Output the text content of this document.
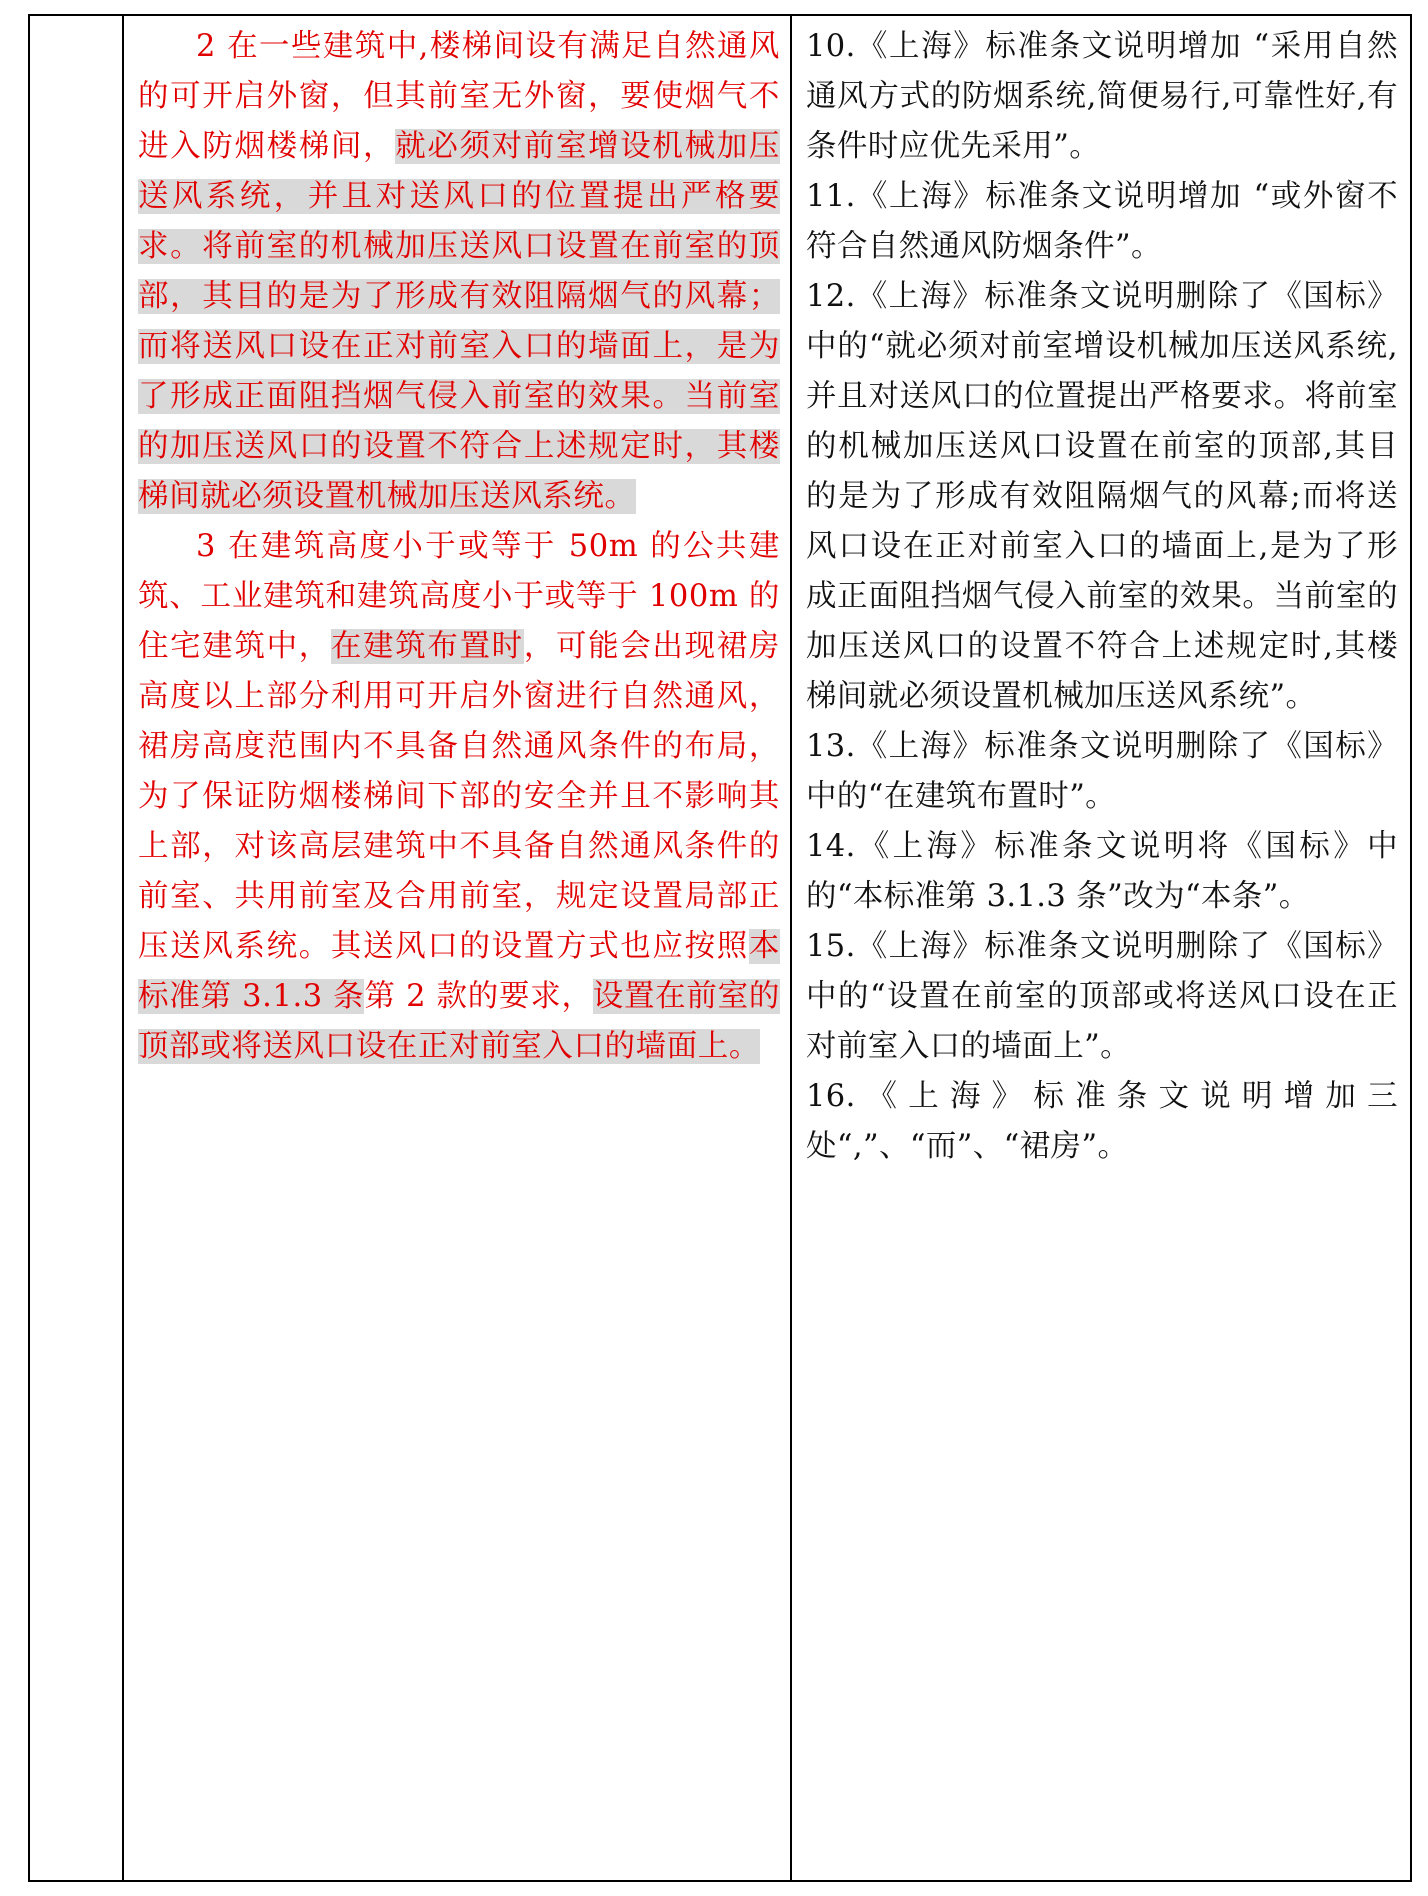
2 在一些建筑中,楼梯间设有满足自然通风的可开启外窗，但其前室无外窗，要使烟气不进入防烟楼梯间，就必须对前室增设机械加压送风系统，并且对送风口的位置提出严格要求。将前室的机械加压送风口设置在前室的顶部，其目的是为了形成有效阻隔烟气的风幕；而将送风口设在正对前室入口的墙面上，是为了形成正面阻挡烟气侵入前室的效果。当前室的加压送风口的设置不符合上述规定时，其楼梯间就必须设置机械加压送风系统。

3 在建筑高度小于或等于 50m 的公共建筑、工业建筑和建筑高度小于或等于 100m 的住宅建筑中，在建筑布置时，可能会出现裙房高度以上部分利用可开启外窗进行自然通风，裙房高度范围内不具备自然通风条件的布局，为了保证防烟楼梯间下部的安全并且不影响其上部，对该高层建筑中不具备自然通风条件的前室、共用前室及合用前室，规定设置局部正压送风系统。其送风口的设置方式也应按照本标准第 3.1.3 条第 2 款的要求，设置在前室的顶部或将送风口设在正对前室入口的墙面上。

10.《上海》标准条文说明增加 “采用自然通风方式的防烟系统,简便易行,可靠性好,有条件时应优先采用”。

11.《上海》标准条文说明增加 “或外窗不符合自然通风防烟条件”。

12.《上海》标准条文说明删除了《国标》中的“就必须对前室增设机械加压送风系统,并且对送风口的位置提出严格要求。将前室的机械加压送风口设置在前室的顶部,其目的是为了形成有效阻隔烟气的风幕;而将送风口设在正对前室入口的墙面上,是为了形成正面阻挡烟气侵入前室的效果。当前室的加压送风口的设置不符合上述规定时,其楼梯间就必须设置机械加压送风系统”。

13.《上海》标准条文说明删除了《国标》中的“在建筑布置时”。

14.《上海》标准条文说明将《国标》中的“本标准第 3.1.3 条”改为“本条”。

15.《上海》标准条文说明删除了《国标》中的“设置在前室的顶部或将送风口设在正对前室入口的墙面上”。

16.《上海》标准条文说明增加三处“,”、“而”、“裙房”。
